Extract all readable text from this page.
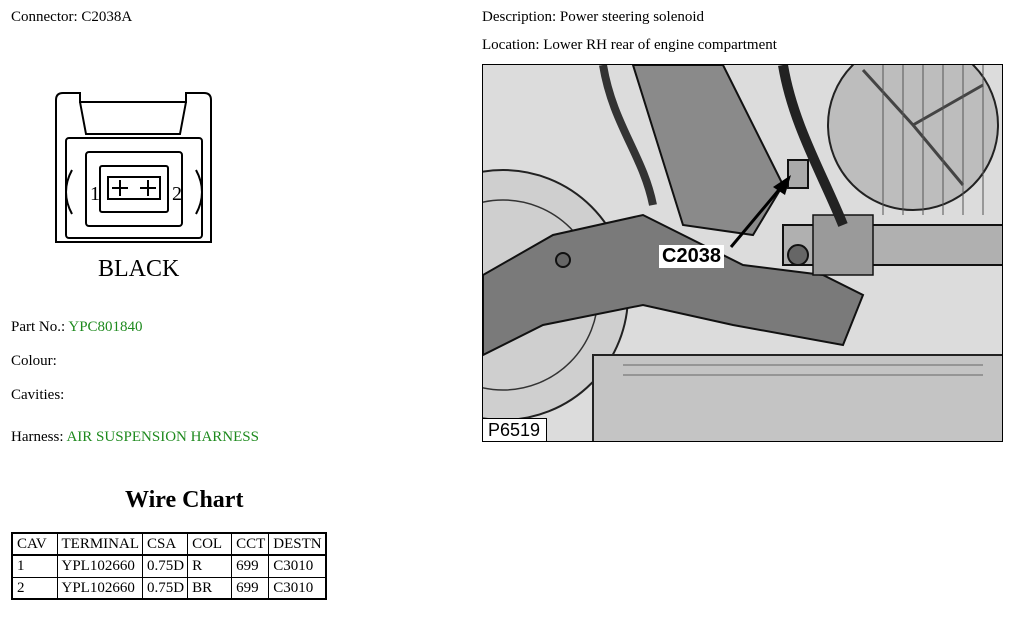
Connector: C2038A
1	2
BLACK
Part No.: YPC801840
Colour:
Cavities:
Harness: AIR SUSPENSION HARNESS
Wire Chart
CAV	TERMINAL	CSA	COL	CCT	DESTN
1	YPL102660	0.75D	R	699	C3010
2	YPL102660	0.75D	BR	699	C3010
Description: Power steering solenoid
Location: Lower RH rear of engine compartment
C2038
P6519
